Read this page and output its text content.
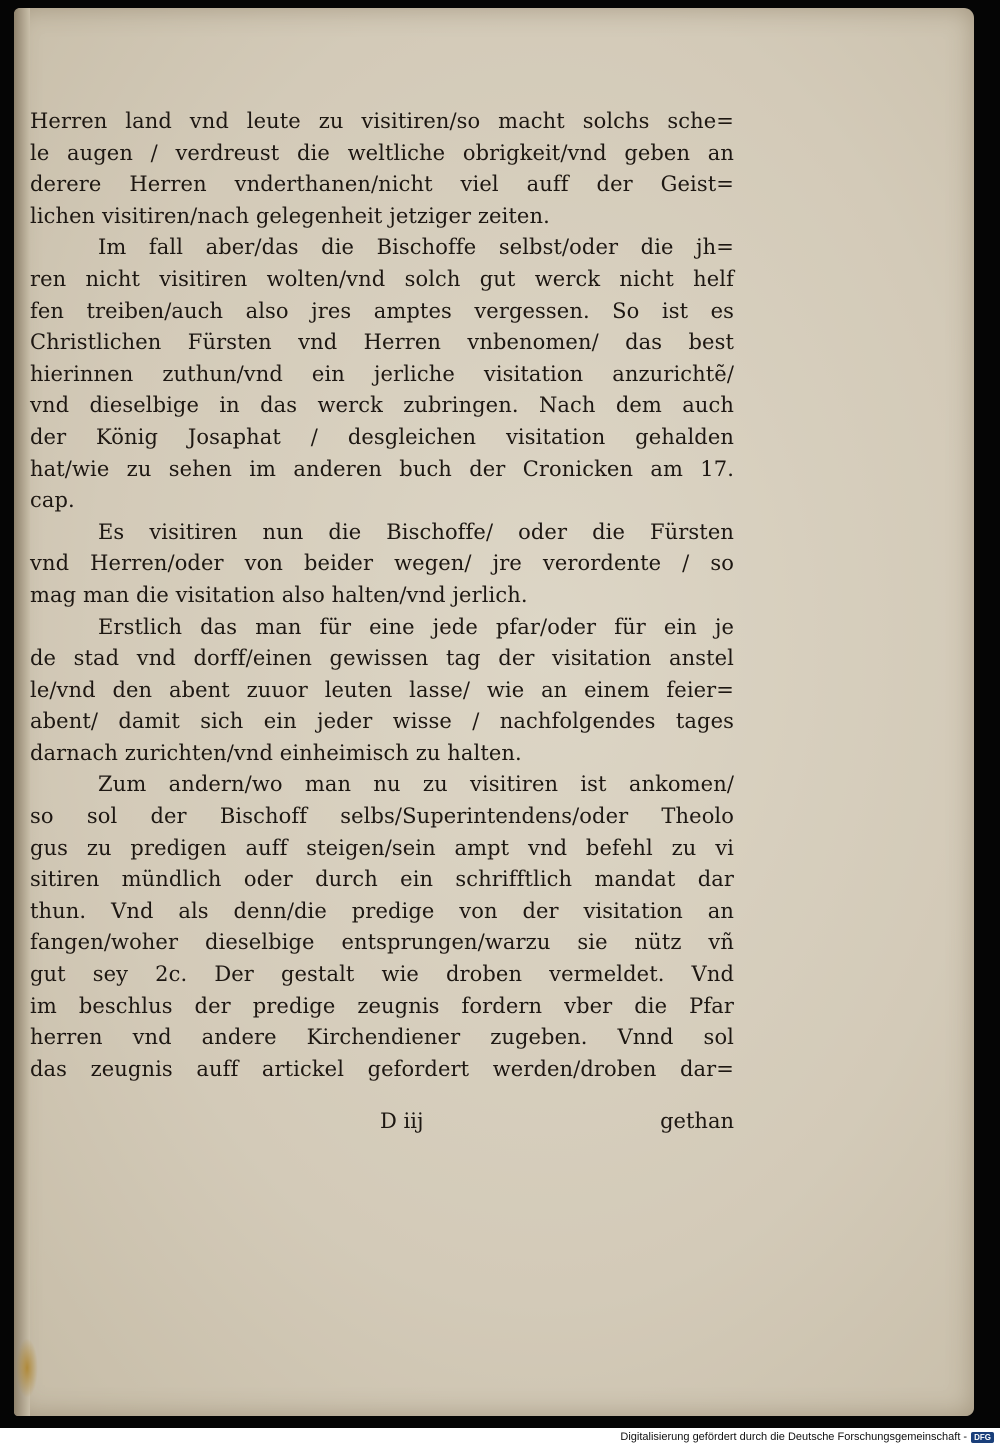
Herren land vnd leute zu visitiren/so macht solchs sche=
le augen / verdreust die weltliche obrigkeit/vnd geben an
derere Herren vnderthanen/nicht viel auff der Geist=
lichen visitiren/nach gelegenheit jetziger zeiten.
Im fall aber/das die Bischoffe selbst/oder die jh=
ren nicht visitiren wolten/vnd solch gut werck nicht helf
fen treiben/auch also jres amptes vergessen. So ist es
Christlichen Fürsten vnd Herren vnbenomen/ das best
hierinnen zuthun/vnd ein jerliche visitation anzurichtẽ/
vnd dieselbige in das werck zubringen. Nach dem auch
der König Josaphat / desgleichen visitation gehalden
hat/wie zu sehen im anderen buch der Cronicken am 17.
cap.
Es visitiren nun die Bischoffe/ oder die Fürsten
vnd Herren/oder von beider wegen/ jre verordente / so
mag man die visitation also halten/vnd jerlich.
Erstlich das man für eine jede pfar/oder für ein je
de stad vnd dorff/einen gewissen tag der visitation anstel
le/vnd den abent zuuor leuten lasse/ wie an einem feier=
abent/ damit sich ein jeder wisse / nachfolgendes tages
darnach zurichten/vnd einheimisch zu halten.
Zum andern/wo man nu zu visitiren ist ankomen/
so sol der Bischoff selbs/Superintendens/oder Theolo
gus zu predigen auff steigen/sein ampt vnd befehl zu vi
sitiren mündlich oder durch ein schrifftlich mandat dar
thun. Vnd als denn/die predige von der visitation an
fangen/woher dieselbige entsprungen/warzu sie nütz vñ
gut sey 2c. Der gestalt wie droben vermeldet. Vnd
im beschlus der predige zeugnis fordern vber die Pfar
herren vnd andere Kirchendiener zugeben. Vnnd sol
das zeugnis auff artickel gefordert werden/droben dar=
D iij	gethan
Digitalisierung gefördert durch die Deutsche Forschungsgemeinschaft - DFG
